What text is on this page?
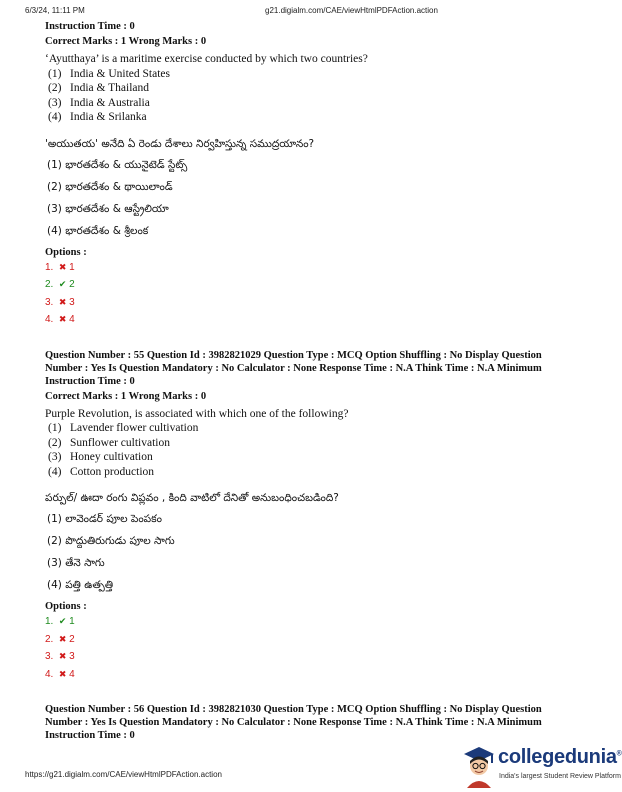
6/3/24, 11:11 PM	g21.digialm.com/CAE/viewHtmlPDFAction.action
Instruction Time : 0
Correct Marks : 1 Wrong Marks : 0
‘Ayutthaya’ is a maritime exercise conducted by which two countries?
(1) India & United States
(2) India & Thailand
(3) India & Australia
(4) India & Srilanka
'అయుతయ' అనేది ఏ రెండు దేశాలు నిర్వహిస్తున్న సముద్రయానం?
(1) భారతదేశం & యునైటెడ్ స్టేట్స్
(2) భారతదేశం & థాయిలాండ్
(3) భారతదేశం & ఆస్ట్రేలియా
(4) భారతదేశం & శ్రీలంక
Options :
1. ✖ 1
2. ✔ 2
3. ✖ 3
4. ✖ 4
Question Number : 55 Question Id : 3982821029 Question Type : MCQ Option Shuffling : No Display Question
Number : Yes Is Question Mandatory : No Calculator : None Response Time : N.A Think Time : N.A Minimum
Instruction Time : 0
Correct Marks : 1 Wrong Marks : 0
Purple Revolution, is associated with which one of the following?
(1) Lavender flower cultivation
(2) Sunflower cultivation
(3) Honey cultivation
(4) Cotton production
పర్పుల్/ ఊదా రంగు విప్లవం , కింది వాటిలో దేనితో అనుబంధించబడింది?
(1) లావెండర్ పూల పెంపకం
(2) పొద్దుతిరుగుడు పూల సాగు
(3) తేనె సాగు
(4) పత్తి ఉత్పత్తి
Options :
1. ✔ 1
2. ✖ 2
3. ✖ 3
4. ✖ 4
Question Number : 56 Question Id : 3982821030 Question Type : MCQ Option Shuffling : No Display Question
Number : Yes Is Question Mandatory : No Calculator : None Response Time : N.A Think Time : N.A Minimum
Instruction Time : 0
https://g21.digialm.com/CAE/viewHtmlPDFAction.action
collegedunia®
India's largest Student Review Platform
